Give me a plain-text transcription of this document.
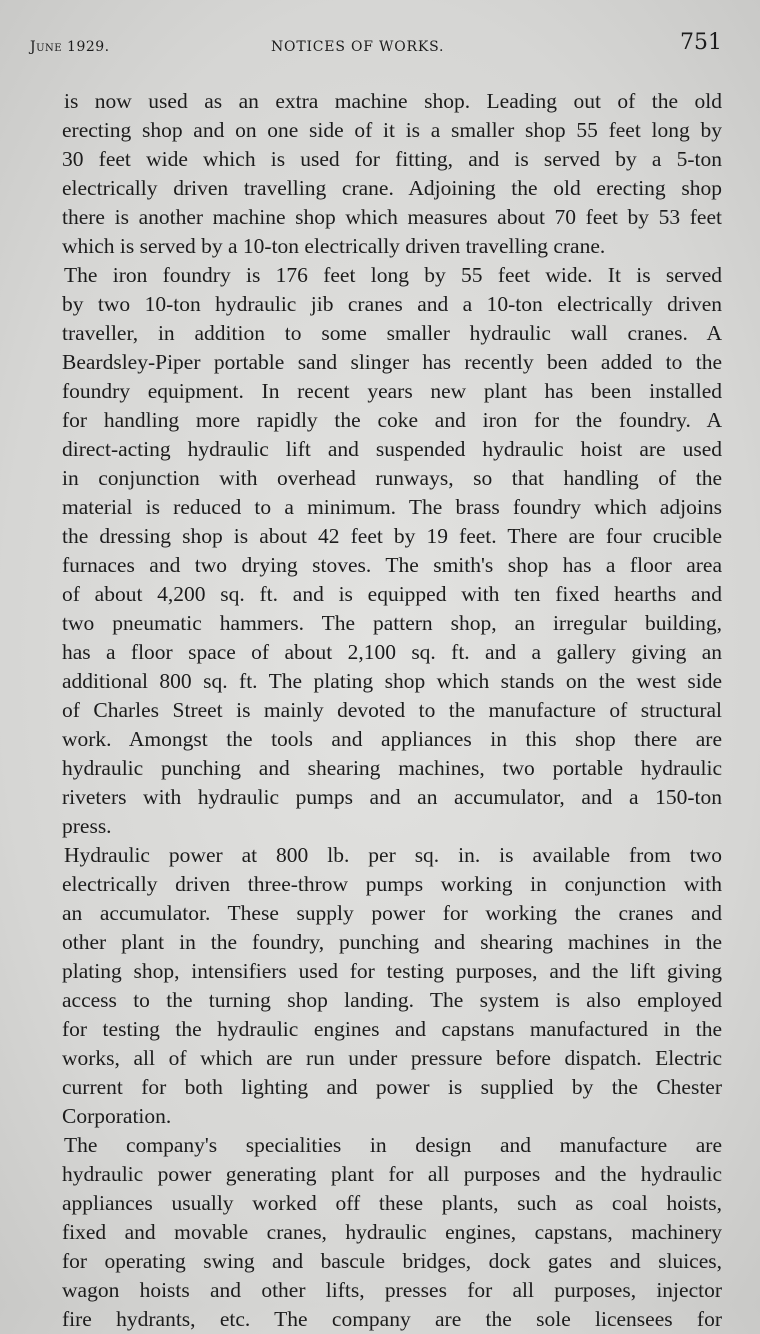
June 1929.	NOTICES OF WORKS.	751
is now used as an extra machine shop. Leading out of the old
erecting shop and on one side of it is a smaller shop 55 feet long by
30 feet wide which is used for fitting, and is served by a 5-ton
electrically driven travelling crane. Adjoining the old erecting shop
there is another machine shop which measures about 70 feet by 53 feet
which is served by a 10-ton electrically driven travelling crane.
The iron foundry is 176 feet long by 55 feet wide. It is served
by two 10-ton hydraulic jib cranes and a 10-ton electrically driven
traveller, in addition to some smaller hydraulic wall cranes. A
Beardsley-Piper portable sand slinger has recently been added to the
foundry equipment. In recent years new plant has been installed
for handling more rapidly the coke and iron for the foundry. A
direct-acting hydraulic lift and suspended hydraulic hoist are used
in conjunction with overhead runways, so that handling of the
material is reduced to a minimum. The brass foundry which adjoins
the dressing shop is about 42 feet by 19 feet. There are four crucible
furnaces and two drying stoves. The smith's shop has a floor area
of about 4,200 sq. ft. and is equipped with ten fixed hearths and
two pneumatic hammers. The pattern shop, an irregular building,
has a floor space of about 2,100 sq. ft. and a gallery giving an
additional 800 sq. ft. The plating shop which stands on the west side
of Charles Street is mainly devoted to the manufacture of structural
work. Amongst the tools and appliances in this shop there are
hydraulic punching and shearing machines, two portable hydraulic
riveters with hydraulic pumps and an accumulator, and a 150-ton
press.
Hydraulic power at 800 lb. per sq. in. is available from two
electrically driven three-throw pumps working in conjunction with
an accumulator. These supply power for working the cranes and
other plant in the foundry, punching and shearing machines in the
plating shop, intensifiers used for testing purposes, and the lift giving
access to the turning shop landing. The system is also employed
for testing the hydraulic engines and capstans manufactured in the
works, all of which are run under pressure before dispatch. Electric
current for both lighting and power is supplied by the Chester
Corporation.
The company's specialities in design and manufacture are
hydraulic power generating plant for all purposes and the hydraulic
appliances usually worked off these plants, such as coal hoists,
fixed and movable cranes, hydraulic engines, capstans, machinery
for operating swing and bascule bridges, dock gates and sluices,
wagon hoists and other lifts, presses for all purposes, injector
fire hydrants, etc. The company are the sole licensees for
